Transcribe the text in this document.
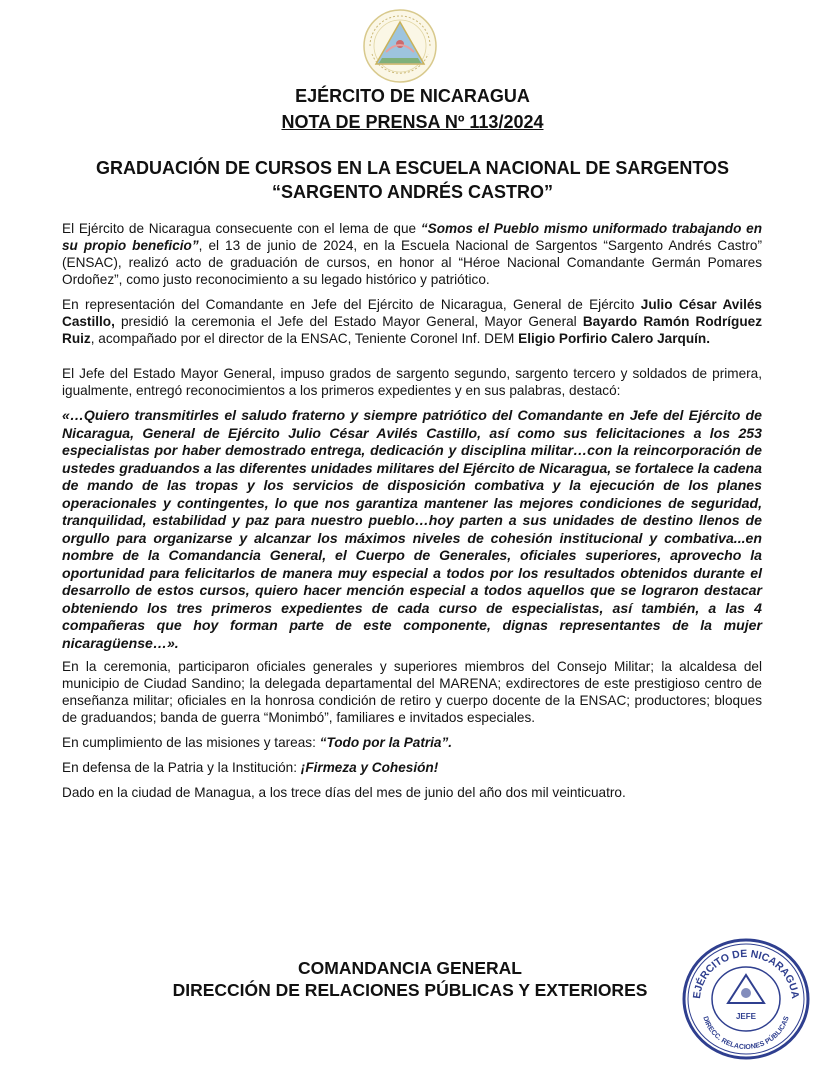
EJÉRCITO DE NICARAGUA
NOTA DE PRENSA Nº 113/2024
GRADUACIÓN DE CURSOS EN LA ESCUELA NACIONAL DE SARGENTOS
“SARGENTO ANDRÉS CASTRO”

El Ejército de Nicaragua consecuente con el lema de que “Somos el Pueblo mismo uniformado trabajando en su propio beneficio”, el 13 de junio de 2024, en la Escuela Nacional de Sargentos “Sargento Andrés Castro” (ENSAC), realizó acto de graduación de cursos, en honor al “Héroe Nacional Comandante Germán Pomares Ordoñez”, como justo reconocimiento a su legado histórico y patriótico.

En representación del Comandante en Jefe del Ejército de Nicaragua, General de Ejército Julio César Avilés Castillo, presidió la ceremonia el Jefe del Estado Mayor General, Mayor General Bayardo Ramón Rodríguez Ruiz, acompañado por el director de la ENSAC, Teniente Coronel Inf. DEM Eligio Porfirio Calero Jarquín.

El Jefe del Estado Mayor General, impuso grados de sargento segundo, sargento tercero y soldados de primera, igualmente, entregó reconocimientos a los primeros expedientes y en sus palabras, destacó:

«…Quiero transmitirles el saludo fraterno y siempre patriótico del Comandante en Jefe del Ejército de Nicaragua, General de Ejército Julio César Avilés Castillo, así como sus felicitaciones a los 253 especialistas por haber demostrado entrega, dedicación y disciplina militar…con la reincorporación de ustedes graduandos a las diferentes unidades militares del Ejército de Nicaragua, se fortalece la cadena de mando de las tropas y los servicios de disposición combativa y la ejecución de los planes operacionales y contingentes, lo que nos garantiza mantener las mejores condiciones de seguridad, tranquilidad, estabilidad y paz para nuestro pueblo…hoy parten a sus unidades de destino llenos de orgullo para organizarse y alcanzar los máximos niveles de cohesión institucional y combativa...en nombre de la Comandancia General, el Cuerpo de Generales, oficiales superiores, aprovecho la oportunidad para felicitarlos de manera muy especial a todos por los resultados obtenidos durante el desarrollo de estos cursos, quiero hacer mención especial a todos aquellos que se lograron destacar obteniendo los tres primeros expedientes de cada curso de especialistas, así también, a las 4 compañeras que hoy forman parte de este componente, dignas representantes de la mujer nicaragüense…».

En la ceremonia, participaron oficiales generales y superiores miembros del Consejo Militar; la alcaldesa del municipio de Ciudad Sandino; la delegada departamental del MARENA; exdirectores de este prestigioso centro de enseñanza militar; oficiales en la honrosa condición de retiro y cuerpo docente de la ENSAC; productores; bloques de graduandos; banda de guerra “Monimbó”, familiares e invitados especiales.

En cumplimiento de las misiones y tareas: “Todo por la Patria”.

En defensa de la Patria y la Institución: ¡Firmeza y Cohesión!

Dado en la ciudad de Managua, a los trece días del mes de junio del año dos mil veinticuatro.

COMANDANCIA GENERAL
DIRECCIÓN DE RELACIONES PÚBLICAS Y EXTERIORES	EJÉRCITO DE NICARAGUA
DIRECC. RELACIONES PÚBLICAS
JEFE
